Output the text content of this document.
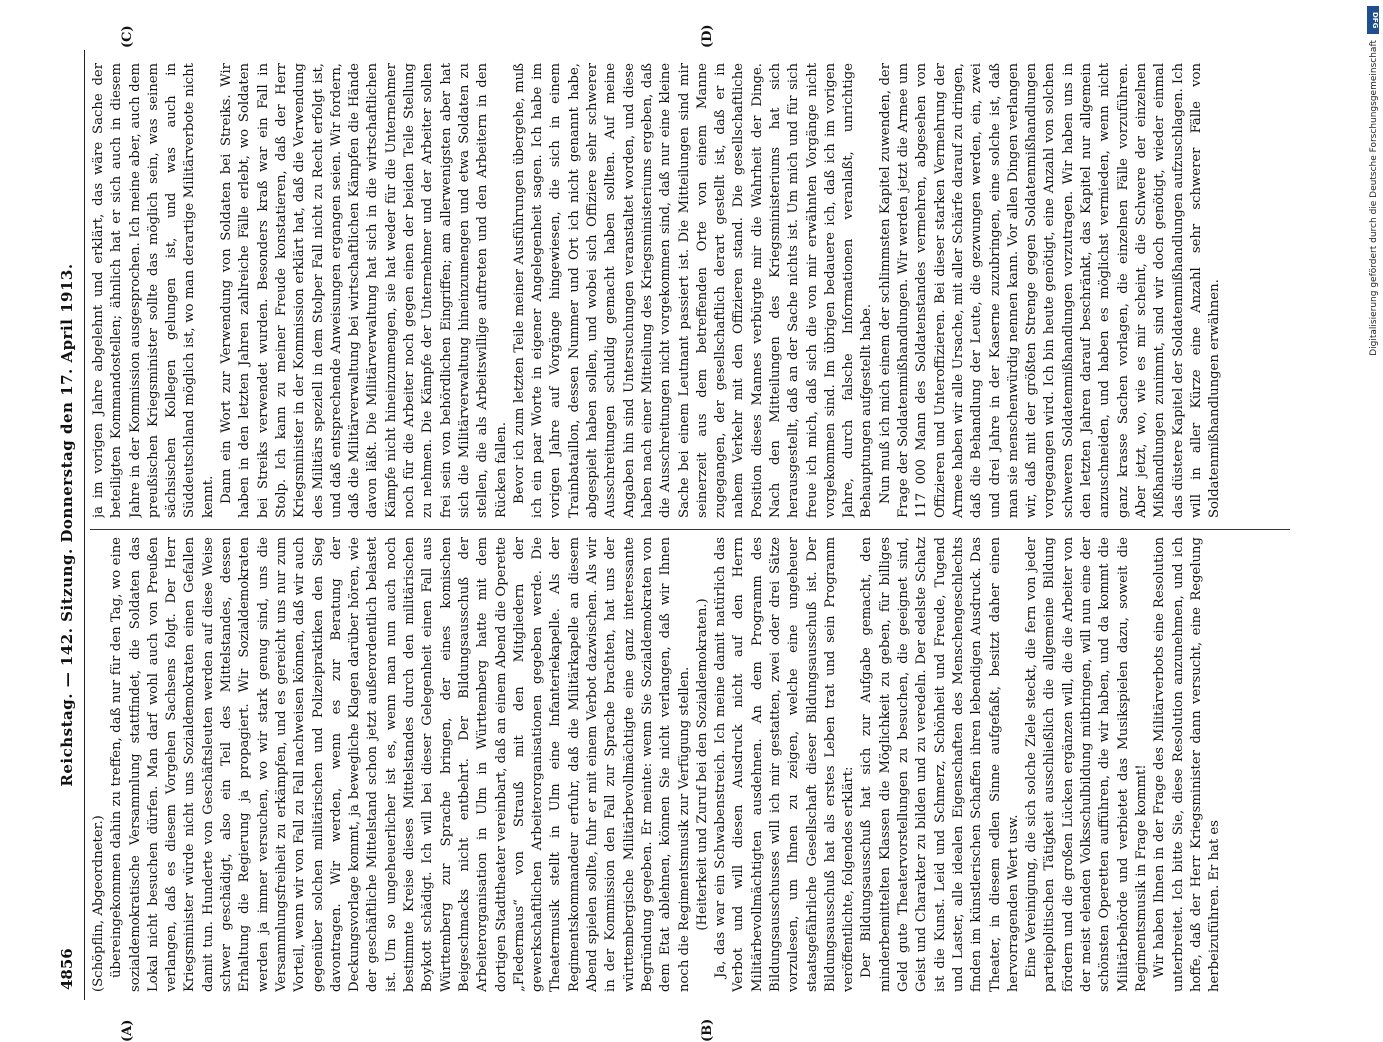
4856
Reichstag. — 142. Sitzung. Donnerstag den 17. April 1913.
(A)	(B)
(C)	(D)

(Schöpflin, Abgeordneter.) übereingekommen dahin zu treffen, daß nur für den Tag, wo eine sozialdemokratische Versammlung stattfindet, die Soldaten das Lokal nicht besuchen dürfen. Man darf wohl auch von Preußen verlangen, daß es diesem Vorgehen Sachsens folgt. Der Herr Kriegsminister würde nicht uns Sozialdemokraten einen Gefallen damit tun. Hunderte von Geschäftsleuten werden auf diese Weise schwer geschädigt, also ein Teil des Mittelstandes, dessen Erhaltung die Regierung ja propagiert. Wir Sozialdemokraten werden ja immer versuchen, wo wir stark genug sind, uns die Versammlungsfreiheit zu erkämpfen, und es gereicht uns nur zum Vorteil, wenn wir von Fall zu Fall nachweisen können, daß wir auch gegenüber solchen militärischen und Polizeipraktiken den Sieg davontragen. Wir werden, wenn es zur Beratung der Deckungsvorlage kommt, ja bewegliche Klagen darüber hören, wie der geschäftliche Mittelstand schon jetzt außerordentlich belastet ist. Um so ungeheuerlicher ist es, wenn man nun auch noch bestimmte Kreise dieses Mittelstandes durch den militärischen Boykott schädigt. Ich will bei dieser Gelegenheit einen Fall aus Württemberg zur Sprache bringen, der eines komischen Beigeschmacks nicht entbehrt. Der Bildungsausschuß der Arbeiterorganisation in Ulm in Württemberg hatte mit dem dortigen Stadttheater vereinbart, daß an einem Abend die Operette „Fledermaus“ von Strauß mit den Mitgliedern der gewerkschaftlichen Arbeiterorganisationen gegeben werde. Die Theatermusik stellt in Ulm eine Infanteriekapelle. Als der Regimentskommandeur erfuhr, daß die Militärkapelle an diesem Abend spielen sollte, fuhr er mit einem Verbot dazwischen. Als wir in der Kommission den Fall zur Sprache brachten, hat uns der württembergische Militärbevollmächtigte eine ganz interessante Begründung gegeben. Er meinte: wenn Sie Sozialdemokraten von dem Etat ablehnen, können Sie nicht verlangen, daß wir Ihnen noch die Regimentsmusik zur Verfügung stellen. (Heiterkeit und Zuruf bei den Sozialdemokraten.) Ja, das war ein Schwabenstreich. Ich meine damit natürlich das Verbot und will diesen Ausdruck nicht auf den Herrn Militärbevollmächtigten ausdehnen. An dem Programm des Bildungsausschusses will ich mir gestatten, zwei oder drei Sätze vorzulesen, um Ihnen zu zeigen, welche eine ungeheuer staatsgefährliche Gesellschaft dieser Bildungsausschuß ist. Der Bildungsausschuß hat als erstes Leben trat und sein Programm veröffentlichte, folgendes erklärt: Der Bildungsausschuß hat sich zur Aufgabe gemacht, den minderbemittelten Klassen die Möglichkeit zu geben, für billiges Geld gute Theatervorstellungen zu besuchen, die geeignet sind, Geist und Charakter zu bilden und zu veredeln. Der edelste Schatz ist die Kunst. Leid und Schmerz, Schönheit und Freude, Tugend und Laster, alle idealen Eigenschaften des Menschengeschlechts finden im künstlerischen Schaffen ihren lebendigen Ausdruck. Das Theater, in diesem edlen Sinne aufgefaßt, besitzt daher einen hervorragenden Wert usw. Eine Vereinigung, die sich solche Ziele steckt, die fern von jeder parteipolitischen Tätigkeit ausschließlich die allgemeine Bildung fördern und die großen Lücken ergänzen will, die die Arbeiter von der meist elenden Volksschulbildung mitbringen, will nun eine der schönsten Operetten aufführen, die wir haben, und da kommt die Militärbehörde und verbietet das Musikspielen dazu, soweit die Regimentsmusik in Frage kommt! Wir haben Ihnen in der Frage des Militärverbots eine Resolution unterbreitet. Ich bitte Sie, diese Resolution anzunehmen, und ich hoffe, daß der Herr Kriegsminister dann versucht, eine Regelung herbeizuführen. Er hat es

ja im vorigen Jahre abgelehnt und erklärt, das wäre Sache der beteiligten Kommandostellen; ähnlich hat er sich auch in diesem Jahre in der Kommission ausgesprochen. Ich meine aber, auch dem preußischen Kriegsminister sollte das möglich sein, was seinem sächsischen Kollegen gelungen ist, und was auch in Süddeutschland möglich ist, wo man derartige Militärverbote nicht kennt. Dann ein Wort zur Verwendung von Soldaten bei Streiks. Wir haben in den letzten Jahren zahlreiche Fälle erlebt, wo Soldaten bei Streiks verwendet wurden. Besonders kraß war ein Fall in Stolp. Ich kann zu meiner Freude konstatieren, daß der Herr Kriegsminister in der Kommission erklärt hat, daß die Verwendung des Militärs speziell in dem Stolper Fall nicht zu Recht erfolgt ist, und daß entsprechende Anweisungen ergangen seien. Wir fordern, daß die Militärverwaltung bei wirtschaftlichen Kämpfen die Hände davon läßt. Die Militärverwaltung hat sich in die wirtschaftlichen Kämpfe nicht hineinzumengen, sie hat weder für die Unternehmer noch für die Arbeiter noch gegen einen der beiden Teile Stellung zu nehmen. Die Kämpfe der Unternehmer und der Arbeiter sollen frei sein von behördlichen Eingriffen; am allerwenigsten aber hat sich die Militärverwaltung hineinzumengen und etwa Soldaten zu stellen, die als Arbeitswillige auftreten und den Arbeitern in den Rücken fallen. Bevor ich zum letzten Teile meiner Ausführungen übergehe, muß ich ein paar Worte in eigener Angelegenheit sagen. Ich habe im vorigen Jahre auf Vorgänge hingewiesen, die sich in einem Trainbataillon, dessen Nummer und Ort ich nicht genannt habe, abgespielt haben sollen, und wobei sich Offiziere sehr schwerer Ausschreitungen schuldig gemacht haben sollten. Auf meine Angaben hin sind Untersuchungen veranstaltet worden, und diese haben nach einer Mitteilung des Kriegsministeriums ergeben, daß die Ausschreitungen nicht vorgekommen sind, daß nur eine kleine Sache bei einem Leutnant passiert ist. Die Mitteilungen sind mir seinerzeit aus dem betreffenden Orte von einem Manne zugegangen, der gesellschaftlich derart gestellt ist, daß er in nahem Verkehr mit den Offizieren stand. Die gesellschaftliche Position dieses Mannes verbürgte mir die Wahrheit der Dinge. Nach den Mitteilungen des Kriegsministeriums hat sich herausgestellt, daß an der Sache nichts ist. Um mich und für sich freue ich mich, daß sich die von mir erwähnten Vorgänge nicht vorgekommen sind. Im übrigen bedauere ich, daß ich im vorigen Jahre, durch falsche Informationen veranlaßt, unrichtige Behauptungen aufgestellt habe. Nun muß ich mich einem der schlimmsten Kapitel zuwenden, der Frage der Soldatenmißhandlungen. Wir werden jetzt die Armee um 117 000 Mann des Soldatenstandes vermehren, abgesehen von Offizieren und Unteroffizieren. Bei dieser starken Vermehrung der Armee haben wir alle Ursache, mit aller Schärfe darauf zu dringen, daß die Behandlung der Leute, die gezwungen werden, ein, zwei und drei Jahre in der Kaserne zuzubringen, eine solche ist, daß man sie menschenwürdig nennen kann. Vor allen Dingen verlangen wir, daß mit der größten Strenge gegen Soldatenmißhandlungen vorgegangen wird. Ich bin heute genötigt, eine Anzahl von solchen schweren Soldatenmißhandlungen vorzutragen. Wir haben uns in den letzten Jahren darauf beschränkt, das Kapitel nur allgemein anzuschneiden, und haben es möglichst vermieden, wenn nicht ganz krasse Sachen vorlagen, die einzelnen Fälle vorzuführen. Aber jetzt, wo, wie es mir scheint, die Schwere der einzelnen Mißhandlungen zunimmt, sind wir doch genötigt, wieder einmal das düstere Kapitel der Soldatenmißhandlungen aufzuschlagen. Ich will in aller Kürze eine Anzahl sehr schwerer Fälle von Soldatenmißhandlungen erwähnen.

DFG
Digitalisierung gefördert durch die Deutsche Forschungsgemeinschaft
